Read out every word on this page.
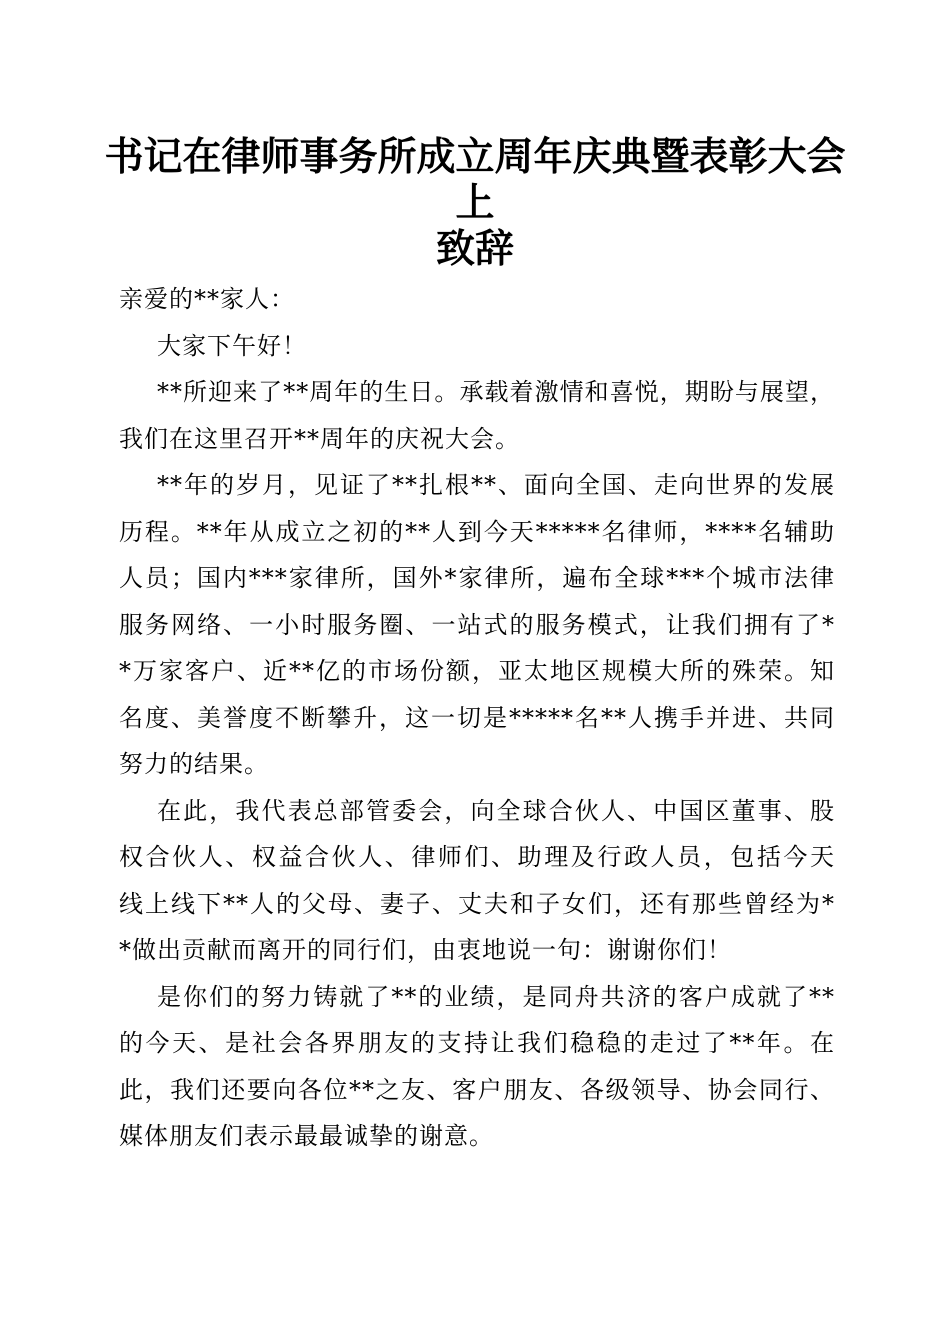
书记在律师事务所成立周年庆典暨表彰大会上
致辞
亲爱的**家人：
大家下午好！
**所迎来了**周年的生日。承载着激情和喜悦，期盼与展望，
我们在这里召开**周年的庆祝大会。
**年的岁月，见证了**扎根**、面向全国、走向世界的发展
历程。**年从成立之初的**人到今天*****名律师，****名辅助
人员；国内***家律所，国外*家律所，遍布全球***个城市法律
服务网络、一小时服务圈、一站式的服务模式，让我们拥有了*
*万家客户、近**亿的市场份额，亚太地区规模大所的殊荣。知
名度、美誉度不断攀升，这一切是*****名**人携手并进、共同
努力的结果。
在此，我代表总部管委会，向全球合伙人、中国区董事、股
权合伙人、权益合伙人、律师们、助理及行政人员，包括今天
线上线下**人的父母、妻子、丈夫和子女们，还有那些曾经为*
*做出贡献而离开的同行们，由衷地说一句：谢谢你们！
是你们的努力铸就了**的业绩，是同舟共济的客户成就了**
的今天、是社会各界朋友的支持让我们稳稳的走过了**年。在
此，我们还要向各位**之友、客户朋友、各级领导、协会同行、
媒体朋友们表示最最诚挚的谢意。
